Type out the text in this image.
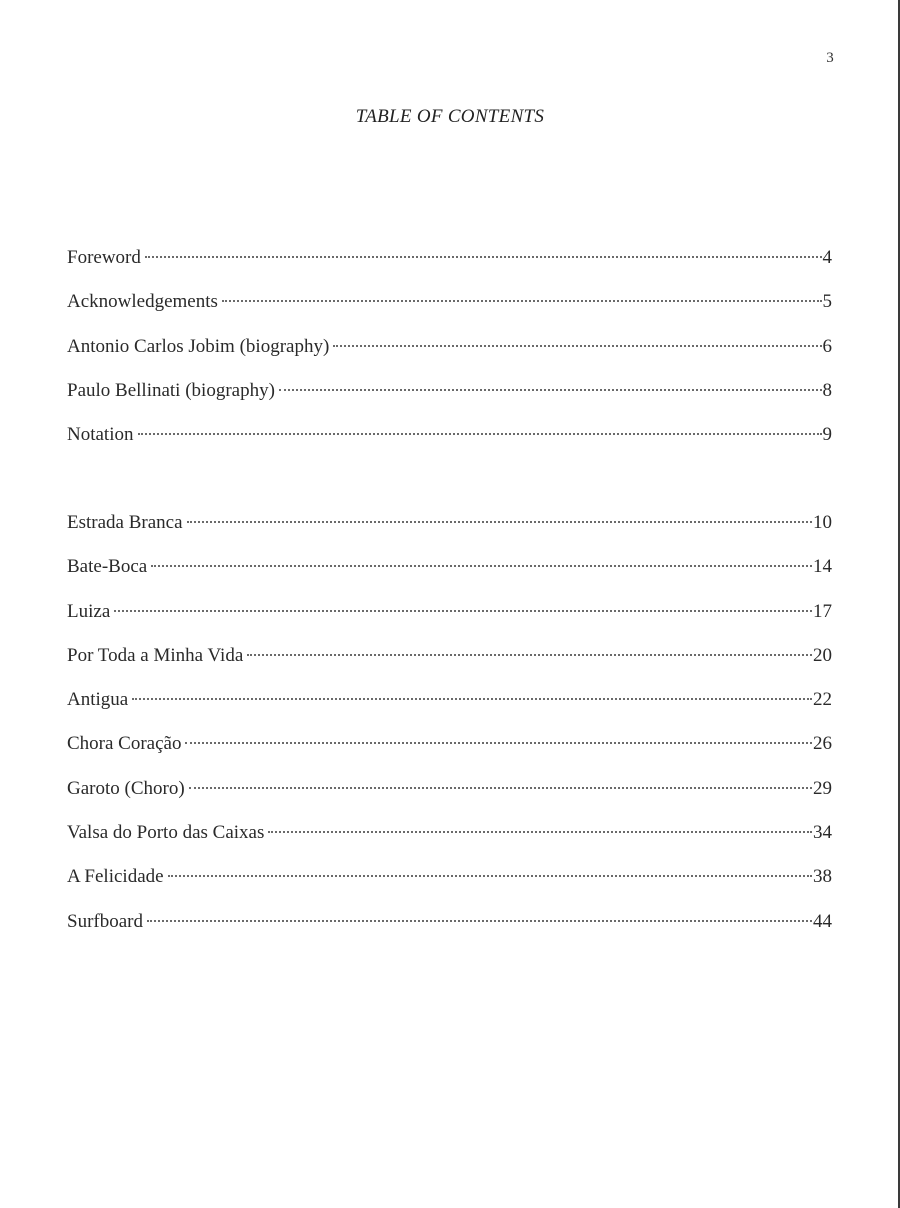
3
TABLE OF CONTENTS
Foreword	4
Acknowledgements	5
Antonio Carlos Jobim (biography)	6
Paulo Bellinati (biography)	8
Notation	9
Estrada Branca	10
Bate-Boca	14
Luiza	17
Por Toda a Minha Vida	20
Antigua	22
Chora Coração	26
Garoto (Choro)	29
Valsa do Porto das Caixas	34
A Felicidade	38
Surfboard	44
